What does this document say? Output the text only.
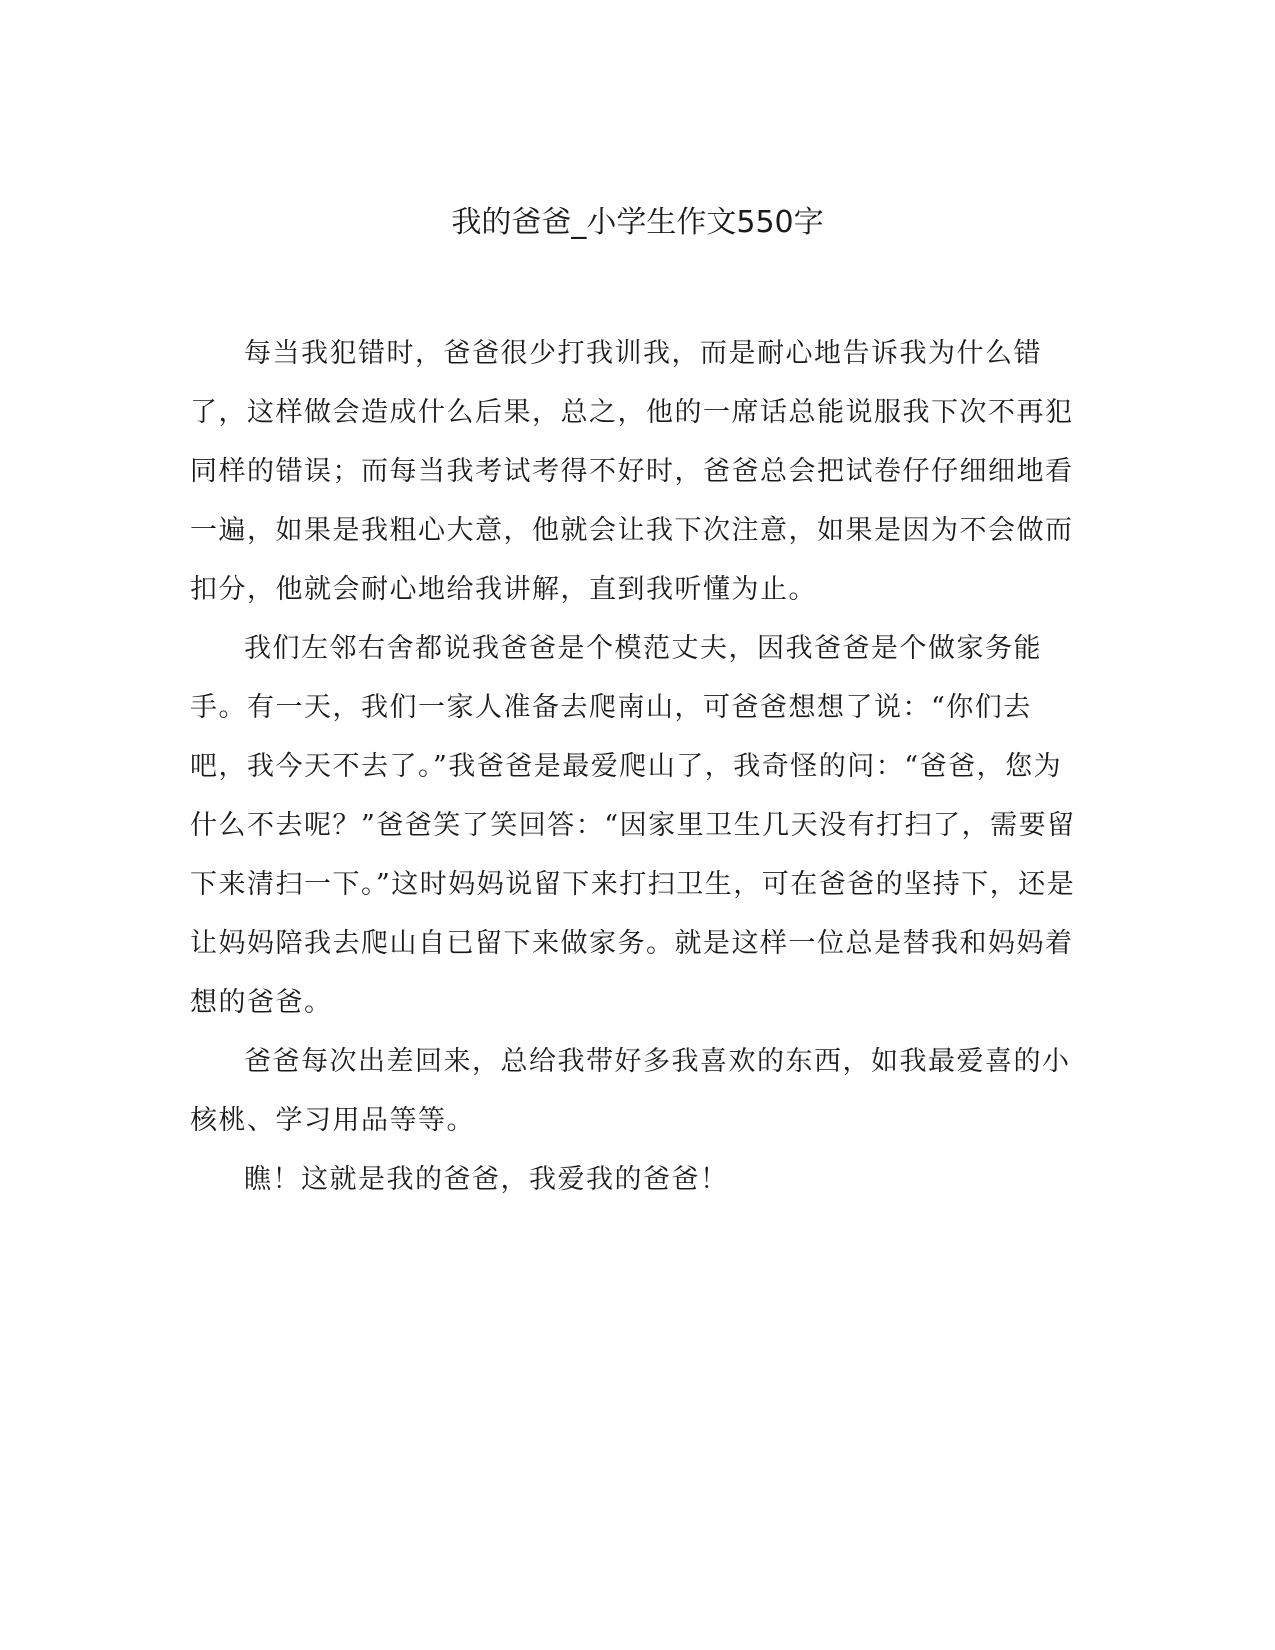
我的爸爸_小学生作文550字

每当我犯错时，爸爸很少打我训我，而是耐心地告诉我为什么错了，这样做会造成什么后果，总之，他的一席话总能说服我下次不再犯同样的错误；而每当我考试考得不好时，爸爸总会把试卷仔仔细细地看一遍，如果是我粗心大意，他就会让我下次注意，如果是因为不会做而扣分，他就会耐心地给我讲解，直到我听懂为止。

我们左邻右舍都说我爸爸是个模范丈夫，因我爸爸是个做家务能手。有一天，我们一家人准备去爬南山，可爸爸想想了说：“你们去吧，我今天不去了。”我爸爸是最爱爬山了，我奇怪的问：“爸爸，您为什么不去呢？”爸爸笑了笑回答：“因家里卫生几天没有打扫了，需要留下来清扫一下。”这时妈妈说留下来打扫卫生，可在爸爸的坚持下，还是让妈妈陪我去爬山自已留下来做家务。就是这样一位总是替我和妈妈着想的爸爸。

爸爸每次出差回来，总给我带好多我喜欢的东西，如我最爱喜的小核桃、学习用品等等。

瞧！这就是我的爸爸，我爱我的爸爸！
